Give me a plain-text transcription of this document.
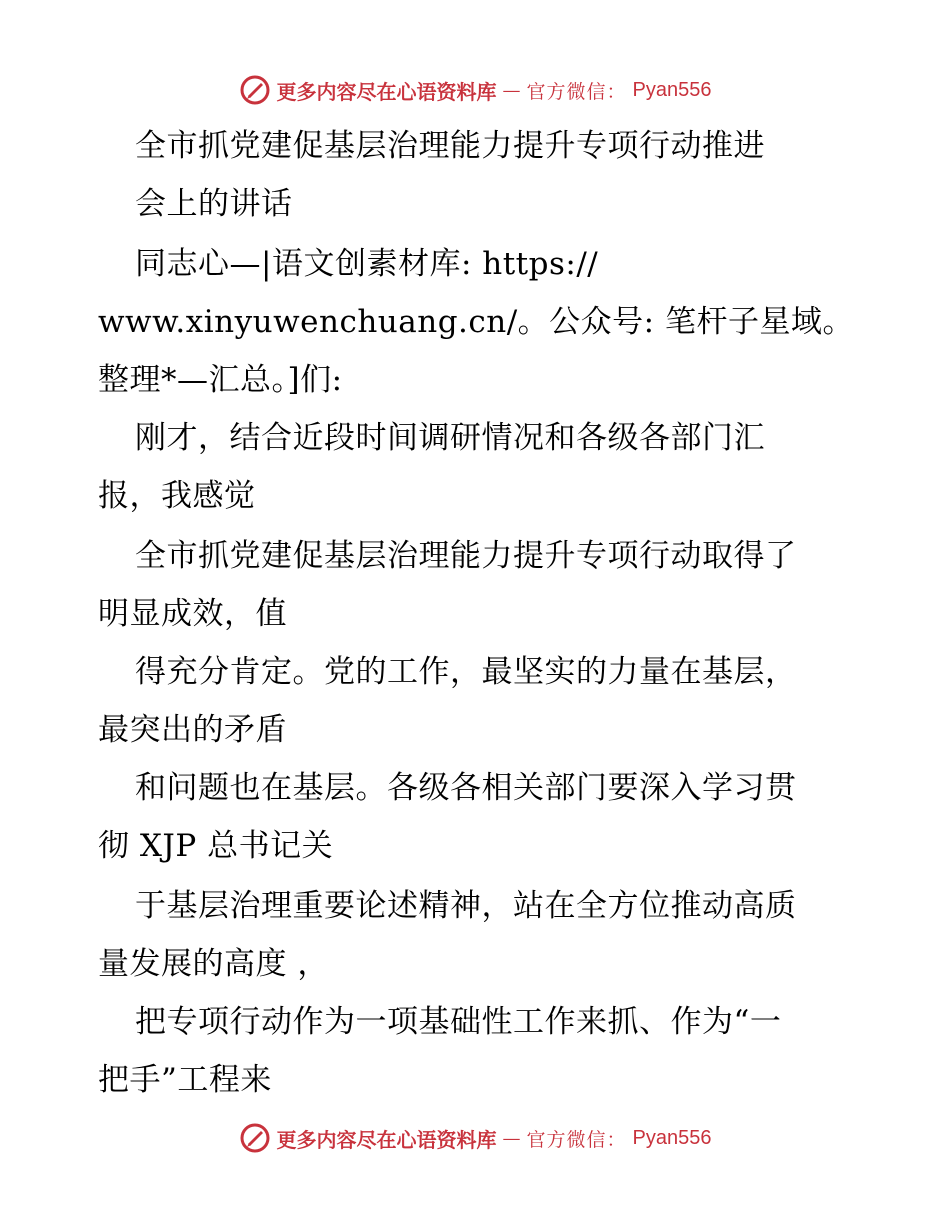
更多内容尽在心语资料库 — 官方微信： Pyan556
全市抓党建促基层治理能力提升专项行动推进
会上的讲话
同志心—|语文创素材库: https://
www.xinyuwenchuang.cn/。公众号: 笔杆子星域。
整理*—汇总。]们:
刚才，结合近段时间调研情况和各级各部门汇
报，我感觉
全市抓党建促基层治理能力提升专项行动取得了
明显成效，值
得充分肯定。党的工作，最坚实的力量在基层，
最突出的矛盾
和问题也在基层。各级各相关部门要深入学习贯
彻 XJP 总书记关
于基层治理重要论述精神，站在全方位推动高质
量发展的高度 ，
把专项行动作为一项基础性工作来抓、作为“一
把手”工程来
更多内容尽在心语资料库 — 官方微信： Pyan556
